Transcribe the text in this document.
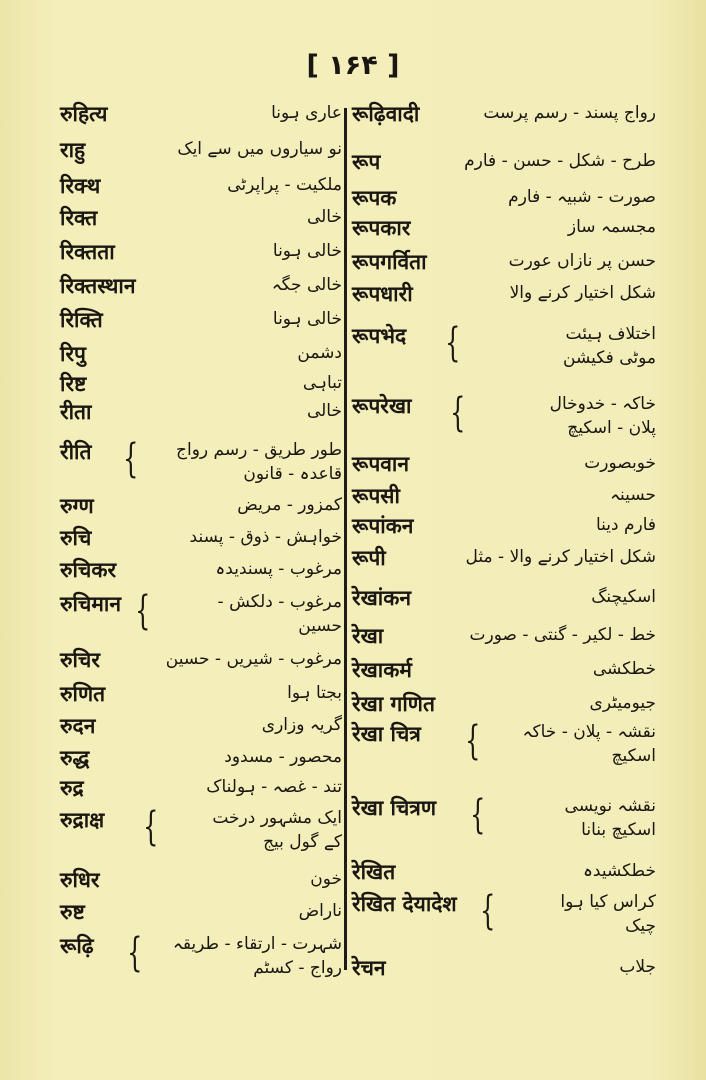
[ ۱۶۴ ]
रुहित्य	عاری ہونا
राहु	نو سیاروں میں سے ایک
रिक्थ	ملکیت - پراپرٹی
रिक्त	خالی
रिक्तता	خالی ہونا
रिक्तस्थान	خالی جگہ
रिक्ति	خالی ہونا
रिपु	دشمن
रिष्ट	تباہی
रीता	خالی
रीति { طور طریق - رسم رواج
قاعدہ - قانون
रुग्ण	کمزور - مریض
रुचि	خواہش - ذوق - پسند
रुचिकर	مرغوب - پسندیدہ
रुचिमान {	مرغوب - دلکش -
حسین
रुचिर	مرغوب - شیریں - حسین
रुणित	بجتا ہوا
रुदन	گریہ وزاری
रुद्ध	محصور - مسدود
रुद्र	تند - غصہ - ہولناک
रुद्राक्ष {	ایک مشہور درخت
کے گول بیج
रुधिर	خون
रुष्ट	ناراض
रूढ़ि { شہرت - ارتقاء - طریقہ
رواج - کسٹم
रूढ़िवादी	رواج پسند - رسم پرست
रूप	طرح - شکل - حسن - فارم
रूपक	صورت - شبیہ - فارم
रूपकार	مجسمہ ساز
रूपगर्विता	حسن پر نازاں عورت
रूपधारी	شکل اختیار کرنے والا
रूपभेद {	اختلاف ہیئت
موٹی فکیشن
रूपरेखा {	خاکہ - خدوخال
پلان - اسکیچ
रूपवान	خوبصورت
रूपसी	حسینہ
रूपांकन	فارم دینا
रूपी	شکل اختیار کرنے والا - مثل
रेखांकन	اسکیچنگ
रेखा	خط - لکیر - گنتی - صورت
रेखाकर्म	خطکشی
रेखा गणित	جیومیٹری
रेखा चित्र { نقشہ - پلان - خاکہ
اسکیچ
रेखा चित्रण {	نقشہ نویسی
اسکیچ بنانا
रेखित	خطکشیدہ
रेखित देयादेश {	کراس کیا ہوا
چیک
रेचन	جلاب
